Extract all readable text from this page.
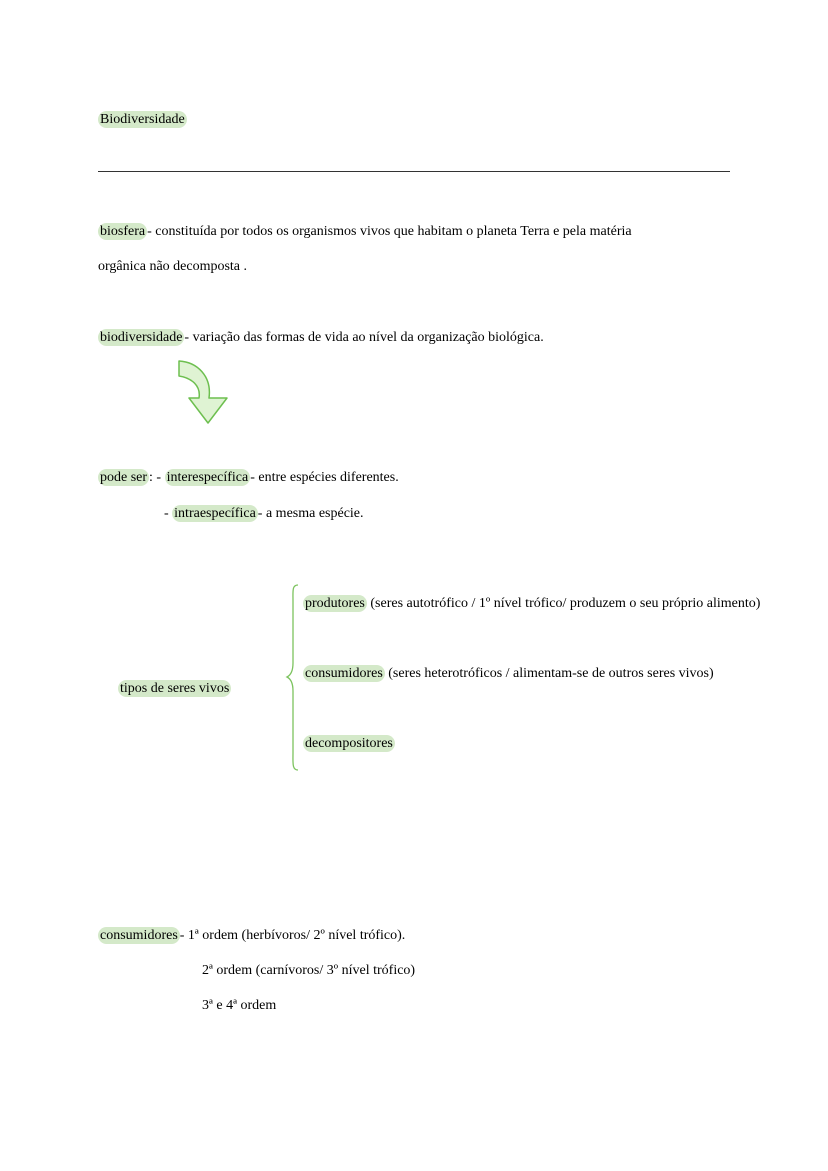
Biodiversidade
biosfera - constituída por todos os organismos vivos que habitam o planeta Terra e pela matéria
orgânica não decomposta .
biodiversidade - variação das formas de vida ao nível da organização biológica.
pode ser : - interespecífica - entre espécies diferentes.
- intraespecífica - a mesma espécie.
tipos de seres vivos
produtores (seres autotrófico / 1º nível trófico/ produzem o seu próprio alimento)
consumidores (seres heterotróficos / alimentam-se de outros seres vivos)
decompositores
consumidores - 1ª ordem (herbívoros/ 2º nível trófico).
2ª ordem (carnívoros/ 3º nível trófico)
3ª e 4ª ordem
